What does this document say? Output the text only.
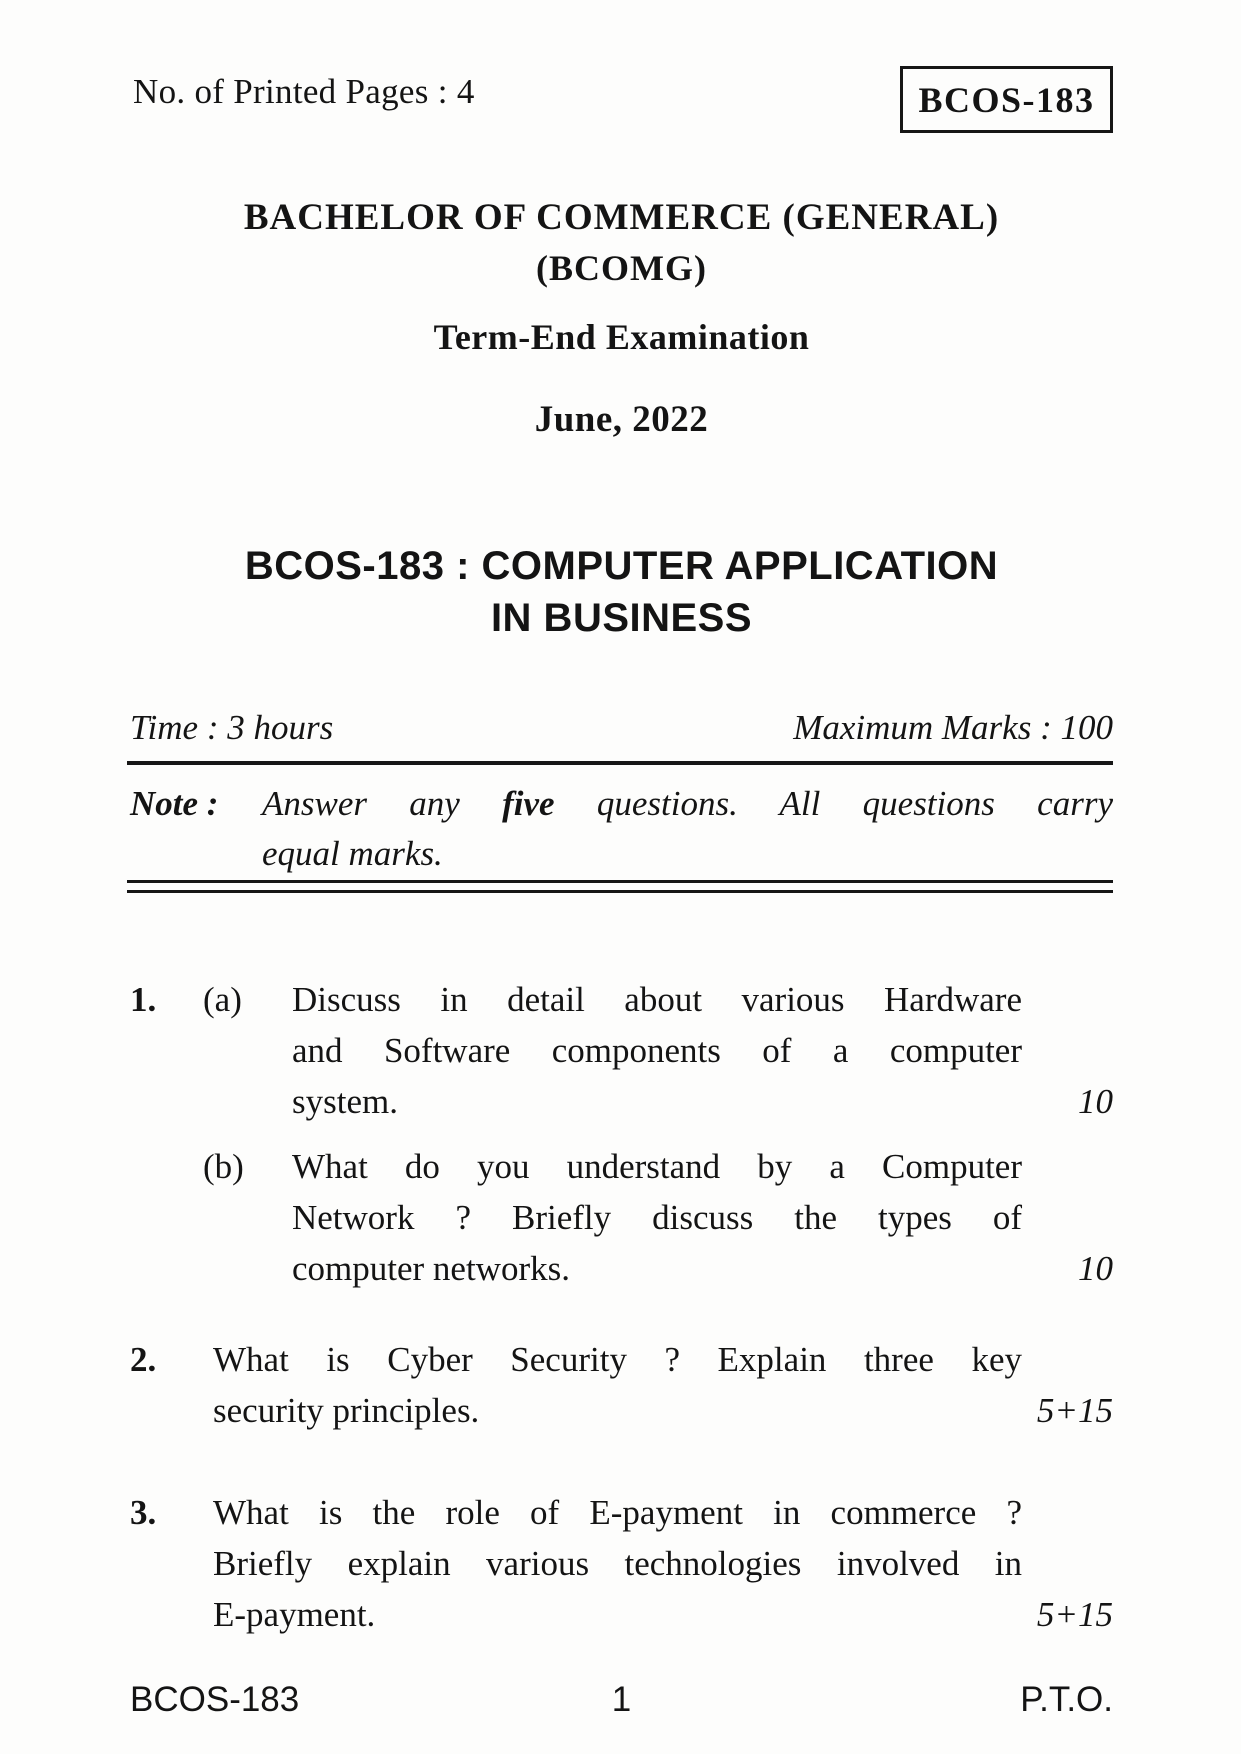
No. of Printed Pages : 4	BCOS-183
BACHELOR OF COMMERCE (GENERAL)
(BCOMG)
Term-End Examination
June, 2022
BCOS-183 : COMPUTER APPLICATION
IN BUSINESS
Time : 3 hours	Maximum Marks : 100
Note :	Answer any five questions. All questions carry
equal marks.
1.	(a)	Discuss in detail about various Hardware
and Software components of a computer
system.	10
(b)	What do you understand by a Computer
Network ? Briefly discuss the types of
computer networks.	10
2.	What is Cyber Security ? Explain three key
security principles.	5+15
3.	What is the role of E-payment in commerce ?
Briefly explain various technologies involved in
E-payment.	5+15
BCOS-183	1	P.T.O.
